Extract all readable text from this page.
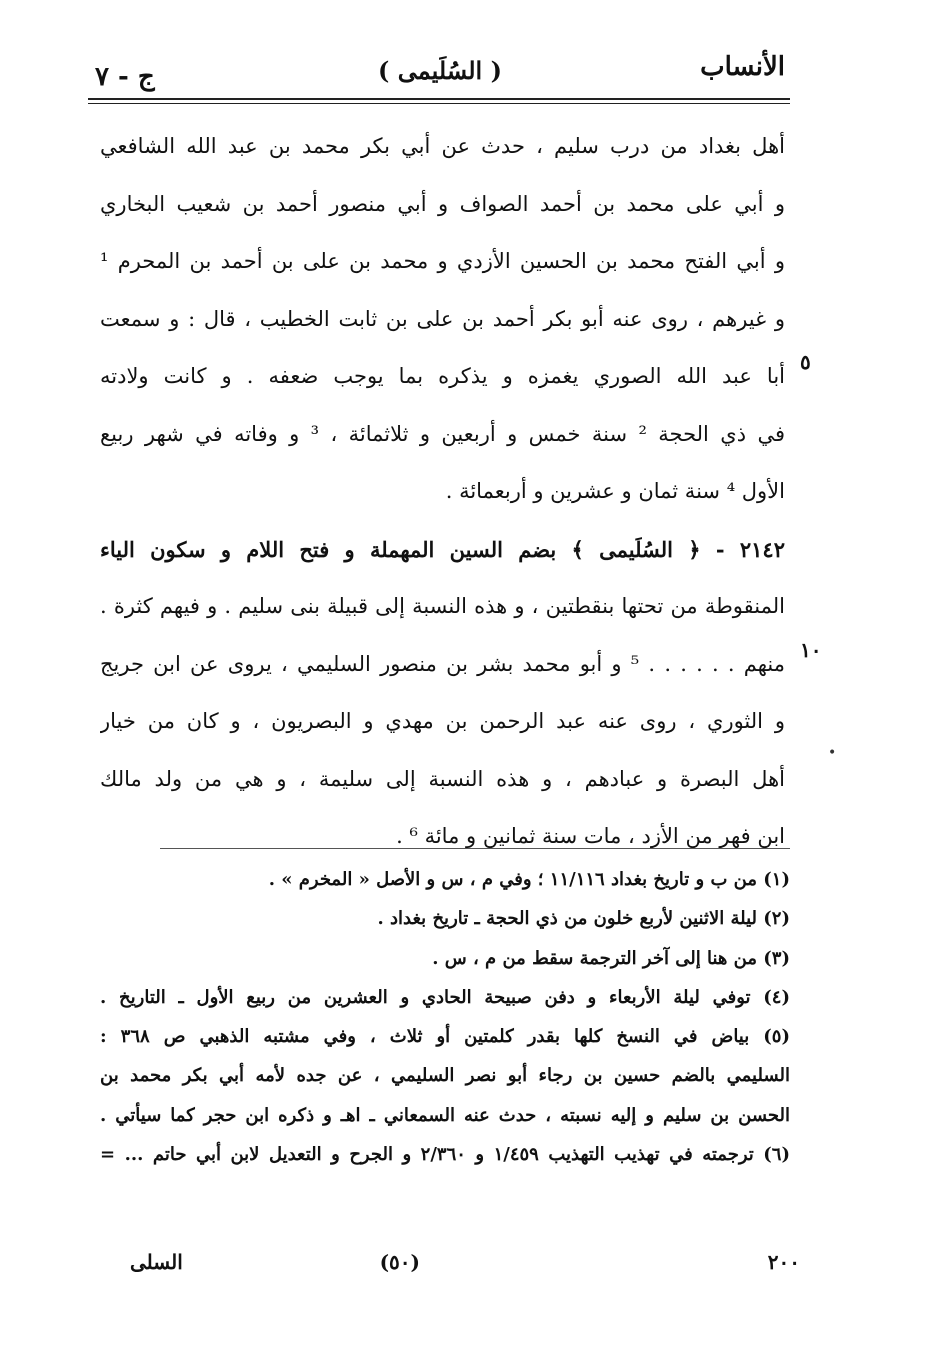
الأنساب
( السُلَيمى )
ج - ٧
أهل بغداد من درب سليم ، حدث عن أبي بكر محمد بن عبد الله الشافعي
و أبي على محمد بن أحمد الصواف و أبي منصور أحمد بن شعيب البخاري
و أبي الفتح محمد بن الحسين الأزدي و محمد بن على بن أحمد بن المحرم ¹
و غيرهم ، روى عنه أبو بكر أحمد بن على بن ثابت الخطيب ، قال : و سمعت
أبا عبد الله الصوري يغمزه و يذكره بما يوجب ضعفه . و كانت ولادته
في ذي الحجة ² سنة خمس و أربعين و ثلاثمائة ، ³ و وفاته في شهر ربيع
الأول ⁴ سنة ثمان و عشرين و أربعمائة .
٢١٤٢ - ﴿ السُلَيمى ﴾ بضم السين المهملة و فتح اللام و سكون الياء
المنقوطة من تحتها بنقطتين ، و هذه النسبة إلى قبيلة بنى سليم . و فيهم كثرة .
منهم . . . . . . ⁵ و أبو محمد بشر بن منصور السليمي ، يروى عن ابن جريج
و الثوري ، روى عنه عبد الرحمن بن مهدي و البصريون ، و كان من خيار
أهل البصرة و عبادهم ، و هذه النسبة إلى سليمة ، و هي من ولد مالك
ابن فهر من الأزد ، مات سنة ثمانين و مائة ⁶ .
٥
١٠
•
(١) من ب و تاريخ بغداد ١١/١١٦ ؛ وفي م ، س و الأصل « المخرم » .
(٢) ليلة الاثنين لأربع خلون من ذي الحجة ـ تاريخ بغداد .
(٣) من هنا إلى آخر الترجمة سقط من م ، س .
(٤) توفي ليلة الأربعاء و دفن صبيحة الحادي و العشرين من ربيع الأول ـ التاريخ .
(٥) بياض في النسخ كلها بقدر كلمتين أو ثلاث ، وفي مشتبه الذهبي ص ٣٦٨ :
السليمي بالضم حسين بن رجاء أبو نصر السليمي ، عن جده لأمه أبي بكر محمد بن
الحسن بن سليم و إليه نسبته ، حدث عنه السمعاني ـ اهـ و ذكره ابن حجر كما سيأتي .
(٦) ترجمته في تهذيب التهذيب ١/٤٥٩ و ٢/٣٦٠ و الجرح و التعديل لابن أبي حاتم ... =
٢٠٠
(٥٠)
السلى
